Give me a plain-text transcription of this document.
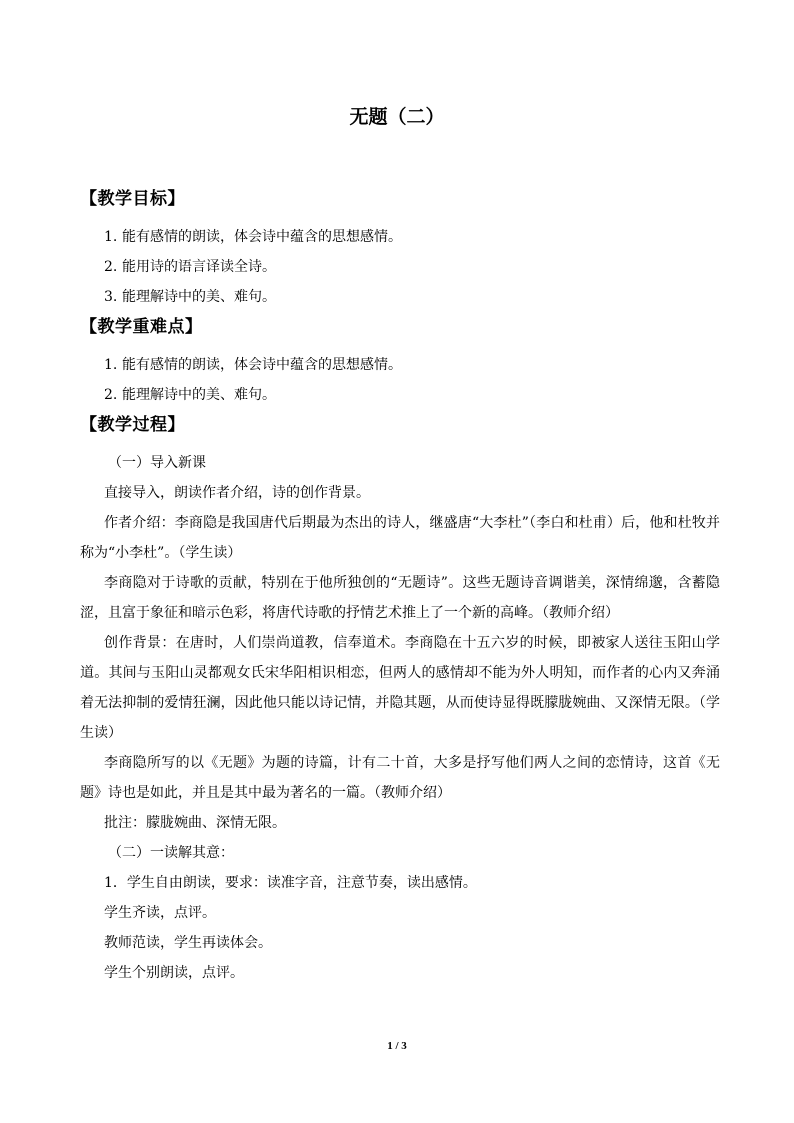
无题（二）
【教学目标】
1. 能有感情的朗读，体会诗中蕴含的思想感情。
2. 能用诗的语言译读全诗。
3. 能理解诗中的美、难句。
【教学重难点】
1. 能有感情的朗读，体会诗中蕴含的思想感情。
2. 能理解诗中的美、难句。
【教学过程】

（一）导入新课

直接导入，朗读作者介绍，诗的创作背景。

作者介绍：李商隐是我国唐代后期最为杰出的诗人，继盛唐“大李杜”（李白和杜甫）后，他和杜牧并称为“小李杜”。（学生读）

李商隐对于诗歌的贡献，特别在于他所独创的“无题诗”。这些无题诗音调谐美，深情绵邈，含蓄隐涩，且富于象征和暗示色彩，将唐代诗歌的抒情艺术推上了一个新的高峰。（教师介绍）

创作背景：在唐时，人们崇尚道教，信奉道术。李商隐在十五六岁的时候，即被家人送往玉阳山学道。其间与玉阳山灵都观女氏宋华阳相识相恋，但两人的感情却不能为外人明知，而作者的心内又奔涌着无法抑制的爱情狂澜，因此他只能以诗记情，并隐其题，从而使诗显得既朦胧婉曲、又深情无限。（学生读）

李商隐所写的以《无题》为题的诗篇，计有二十首，大多是抒写他们两人之间的恋情诗，这首《无题》诗也是如此，并且是其中最为著名的一篇。（教师介绍）

批注：朦胧婉曲、深情无限。

（二）一读解其意：

1．学生自由朗读，要求：读准字音，注意节奏，读出感情。

学生齐读，点评。

教师范读，学生再读体会。

学生个别朗读，点评。

1 / 3
